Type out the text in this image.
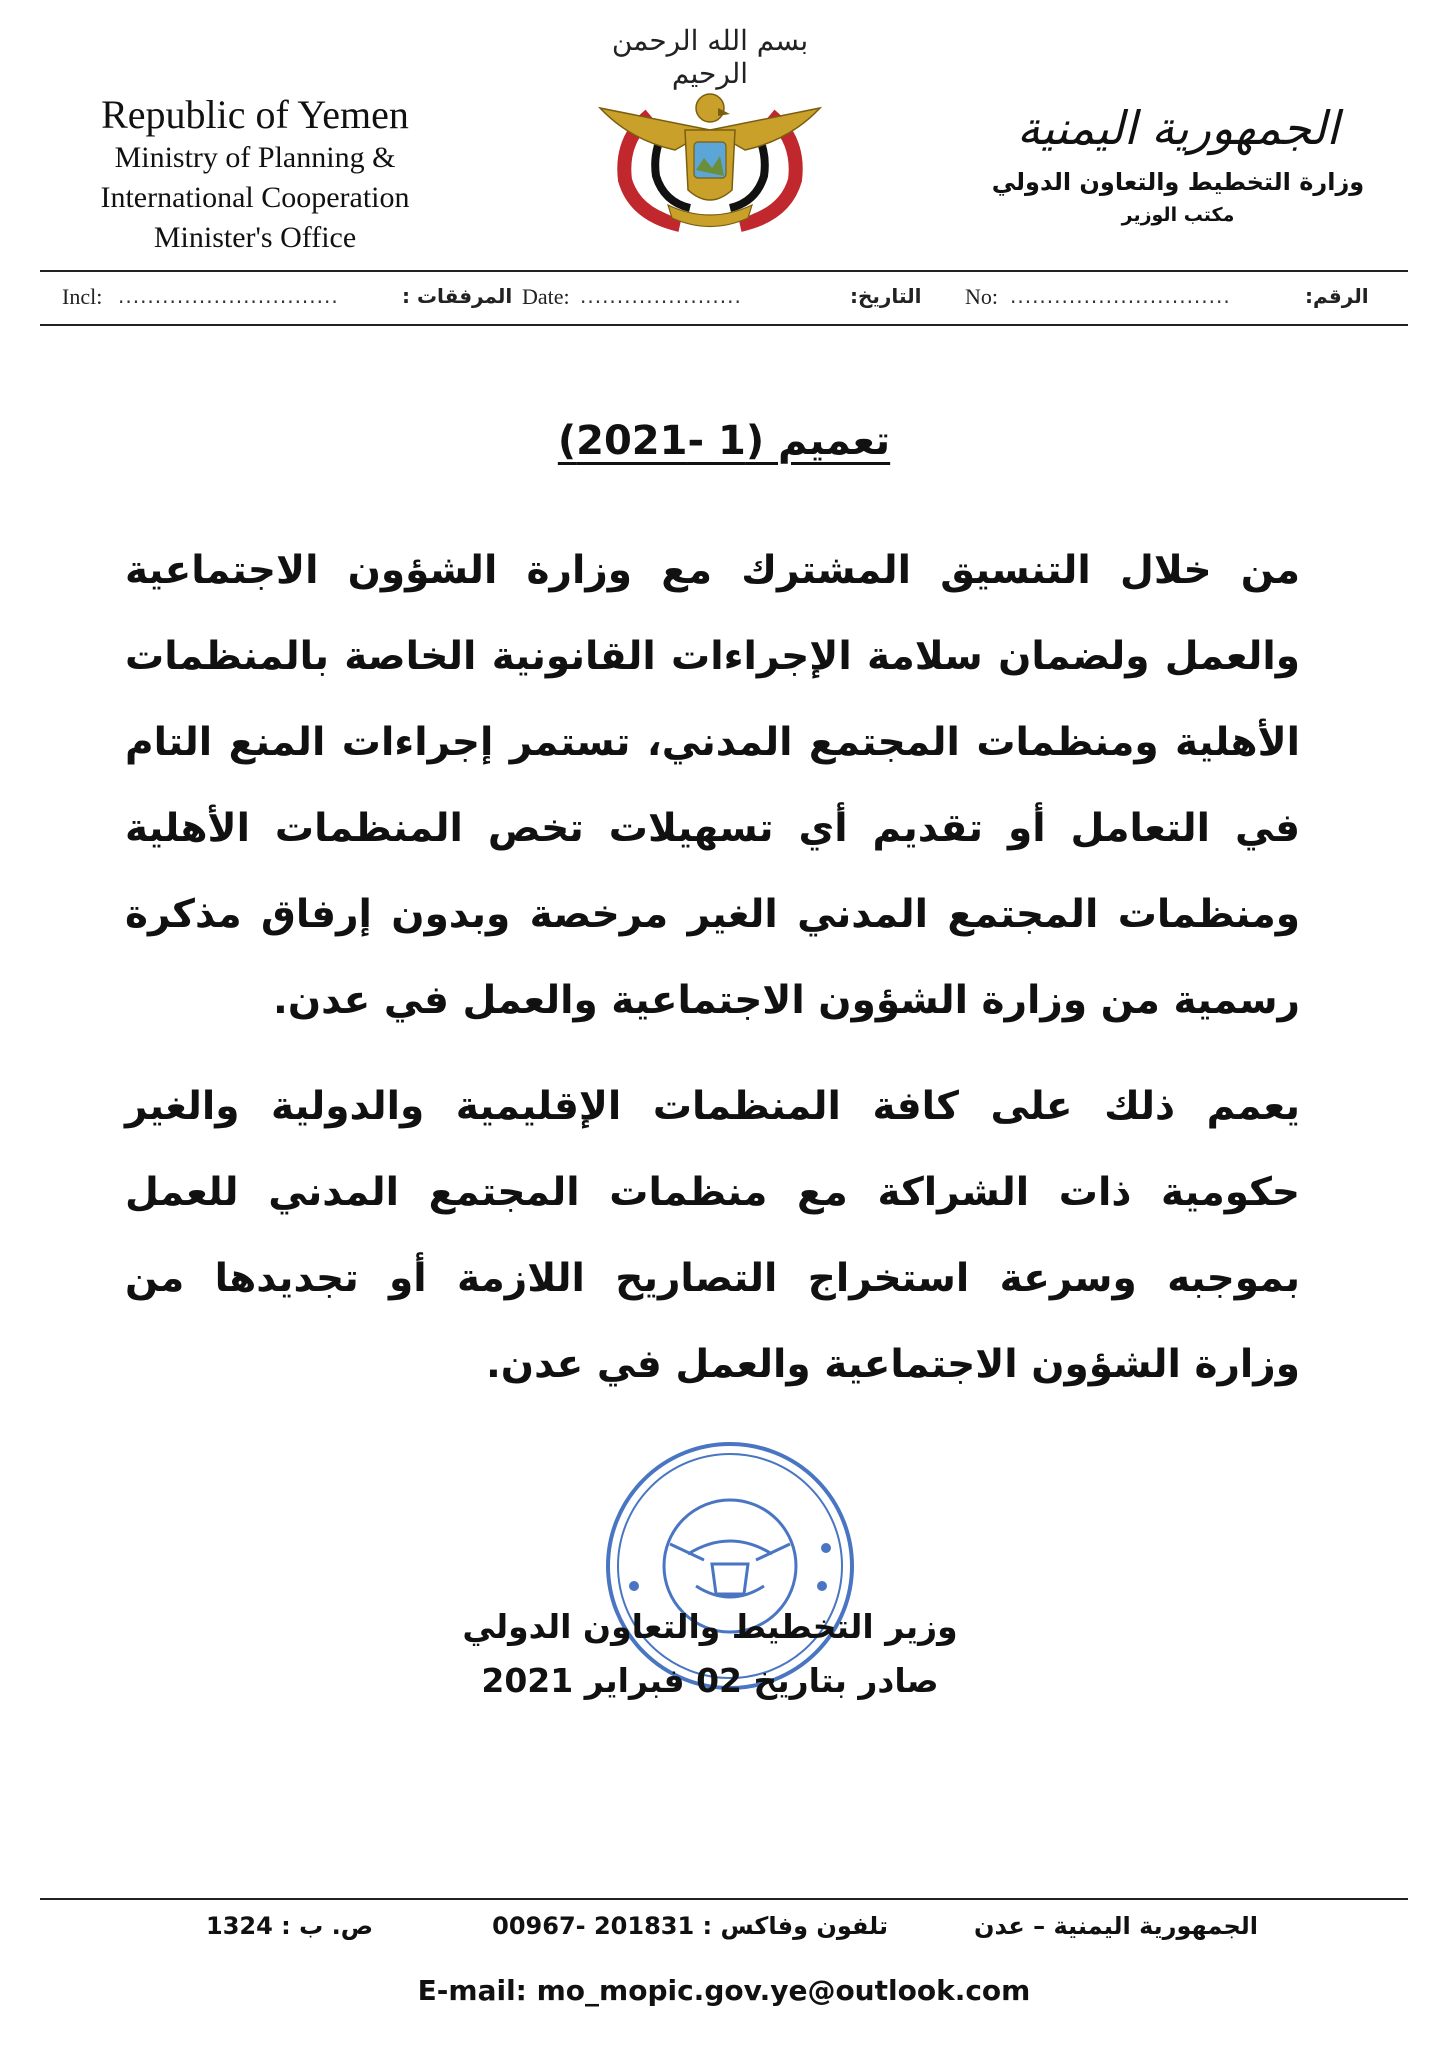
Republic of Yemen
Ministry of Planning &
International Cooperation
Minister's Office
بسم الله الرحمن الرحيم
الجمهورية اليمنية
وزارة التخطيط والتعاون الدولي
مكتب الوزير
Incl: ..............................	المرفقات : Date: ......................	التاريخ: No: ..............................	الرقم:
تعميم (1 -2021)

من خلال التنسيق المشترك مع وزارة الشؤون الاجتماعية والعمل ولضمان سلامة الإجراءات القانونية الخاصة بالمنظمات الأهلية ومنظمات المجتمع المدني، تستمر إجراءات المنع التام في التعامل أو تقديم أي تسهيلات تخص المنظمات الأهلية ومنظمات المجتمع المدني الغير مرخصة وبدون إرفاق مذكرة رسمية من وزارة الشؤون الاجتماعية والعمل في عدن.

يعمم ذلك على كافة المنظمات الإقليمية والدولية والغير حكومية ذات الشراكة مع منظمات المجتمع المدني للعمل بموجبه وسرعة استخراج التصاريح اللازمة أو تجديدها من وزارة الشؤون الاجتماعية والعمل في عدن.

وزير التخطيط والتعاون الدولي
صادر بتاريخ 02 فبراير 2021
الجمهورية اليمنية – عدن
تلفون وفاكس : 201831 -00967
ص. ب : 1324
E-mail: mo_mopic.gov.ye@outlook.com
